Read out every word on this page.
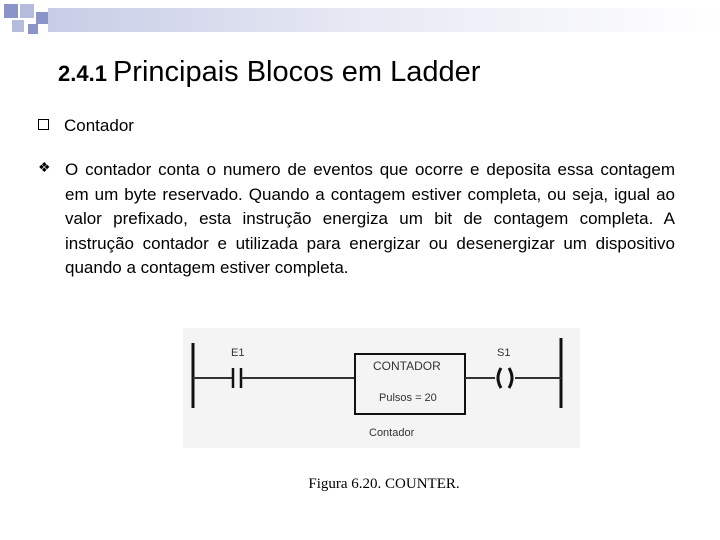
2.4.1 Principais Blocos em Ladder
Contador
❖ O contador conta o numero de eventos que ocorre e deposita essa contagem em um byte reservado. Quando a contagem estiver completa, ou seja, igual ao valor prefixado, esta instrução energiza um bit de contagem completa. A instrução contador e utilizada para energizar ou desenergizar um dispositivo quando a contagem estiver completa.
E1
CONTADOR
Pulsos = 20
S1
Contador
Figura 6.20. COUNTER.
